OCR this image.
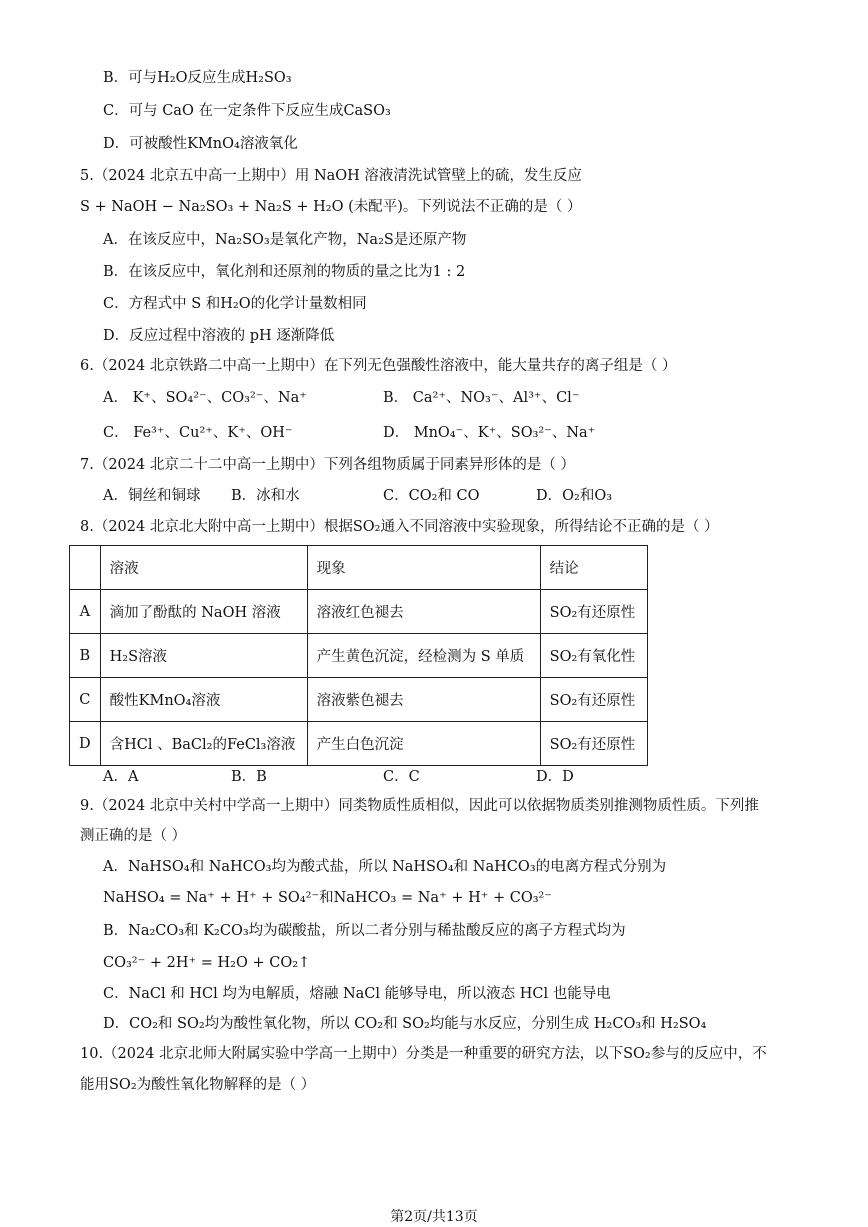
B．可与H₂O反应生成H₂SO₃
C．可与 CaO 在一定条件下反应生成CaSO₃
D．可被酸性KMnO₄溶液氧化
5.（2024 北京五中高一上期中）用 NaOH 溶液清洗试管壁上的硫，发生反应
S + NaOH − Na₂SO₃ + Na₂S + H₂O (未配平)。下列说法不正确的是（ ）
A．在该反应中，Na₂SO₃是氧化产物，Na₂S是还原产物
B．在该反应中，氧化剂和还原剂的物质的量之比为1 : 2
C．方程式中 S 和H₂O的化学计量数相同
D．反应过程中溶液的 pH 逐渐降低
6.（2024 北京铁路二中高一上期中）在下列无色强酸性溶液中，能大量共存的离子组是（ ）
A． K⁺、SO₄²⁻、CO₃²⁻、Na⁺	B． Ca²⁺、NO₃⁻、Al³⁺、Cl⁻
C． Fe³⁺、Cu²⁺、K⁺、OH⁻	D． MnO₄⁻、K⁺、SO₃²⁻、Na⁺
7.（2024 北京二十二中高一上期中）下列各组物质属于同素异形体的是（ ）
A．铜丝和铜球 B．冰和水	C．CO₂和 CO	D．O₂和O₃
8.（2024 北京北大附中高一上期中）根据SO₂通入不同溶液中实验现象，所得结论不正确的是（ ）
	溶液	现象	结论
A	滴加了酚酞的 NaOH 溶液	溶液红色褪去	SO₂有还原性
B	H₂S溶液	产生黄色沉淀，经检测为 S 单质	SO₂有氧化性
C	酸性KMnO₄溶液	溶液紫色褪去	SO₂有还原性
D	含HCl 、BaCl₂的FeCl₃溶液	产生白色沉淀	SO₂有还原性
A．A	B．B	C．C	D．D
9.（2024 北京中关村中学高一上期中）同类物质性质相似，因此可以依据物质类别推测物质性质。下列推
测正确的是（ ）
A．NaHSO₄和 NaHCO₃均为酸式盐，所以 NaHSO₄和 NaHCO₃的电离方程式分别为
NaHSO₄ = Na⁺ + H⁺ + SO₄²⁻和NaHCO₃ = Na⁺ + H⁺ + CO₃²⁻
B．Na₂CO₃和 K₂CO₃均为碳酸盐，所以二者分别与稀盐酸反应的离子方程式均为
CO₃²⁻ + 2H⁺ = H₂O + CO₂↑
C．NaCl 和 HCl 均为电解质，熔融 NaCl 能够导电，所以液态 HCl 也能导电
D．CO₂和 SO₂均为酸性氧化物，所以 CO₂和 SO₂均能与水反应，分别生成 H₂CO₃和 H₂SO₄
10.（2024 北京北师大附属实验中学高一上期中）分类是一种重要的研究方法，以下SO₂参与的反应中，不
能用SO₂为酸性氧化物解释的是（ ）
第2页/共13页
